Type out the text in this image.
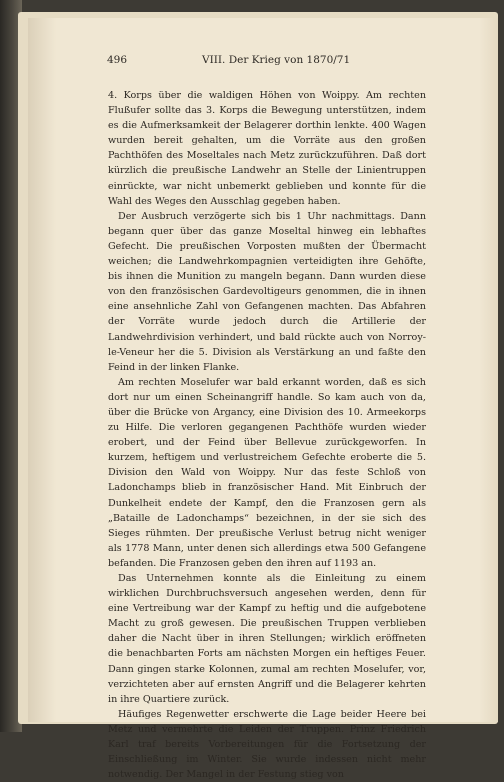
496	VIII. Der Krieg von 1870/71

4. Korps über die waldigen Höhen von Woippy. Am rechten Flußufer sollte das 3. Korps die Bewegung unterstützen, indem es die Aufmerksamkeit der Belagerer dorthin lenkte. 400 Wagen wurden bereit gehalten, um die Vorräte aus den großen Pachthöfen des Moseltales nach Metz zurückzuführen. Daß dort kürzlich die preußische Landwehr an Stelle der Linientruppen einrückte, war nicht unbemerkt geblieben und konnte für die Wahl des Weges den Ausschlag gegeben haben.

Der Ausbruch verzögerte sich bis 1 Uhr nachmittags. Dann begann quer über das ganze Moseltal hinweg ein lebhaftes Gefecht. Die preußischen Vorposten mußten der Übermacht weichen; die Landwehrkompagnien verteidigten ihre Gehöfte, bis ihnen die Munition zu mangeln begann. Dann wurden diese von den französischen Gardevoltigeurs genommen, die in ihnen eine ansehnliche Zahl von Gefangenen machten. Das Abfahren der Vorräte wurde jedoch durch die Artillerie der Landwehrdivision verhindert, und bald rückte auch von Norroy-le-Veneur her die 5. Division als Verstärkung an und faßte den Feind in der linken Flanke.

Am rechten Moselufer war bald erkannt worden, daß es sich dort nur um einen Scheinangriff handle. So kam auch von da, über die Brücke von Argancy, eine Division des 10. Armeekorps zu Hilfe. Die verloren gegangenen Pachthöfe wurden wieder erobert, und der Feind über Bellevue zurückgeworfen. In kurzem, heftigem und verlustreichem Gefechte eroberte die 5. Division den Wald von Woippy. Nur das feste Schloß von Ladonchamps blieb in französischer Hand. Mit Einbruch der Dunkelheit endete der Kampf, den die Franzosen gern als „Bataille de Ladonchamps“ bezeichnen, in der sie sich des Sieges rühmten. Der preußische Verlust betrug nicht weniger als 1778 Mann, unter denen sich allerdings etwa 500 Gefangene befanden. Die Franzosen geben den ihren auf 1193 an.

Das Unternehmen konnte als die Einleitung zu einem wirklichen Durchbruchsversuch angesehen werden, denn für eine Vertreibung war der Kampf zu heftig und die aufgebotene Macht zu groß gewesen. Die preußischen Truppen verblieben daher die Nacht über in ihren Stellungen; wirklich eröffneten die benachbarten Forts am nächsten Morgen ein heftiges Feuer. Dann gingen starke Kolonnen, zumal am rechten Moselufer, vor, verzichteten aber auf ernsten Angriff und die Belagerer kehrten in ihre Quartiere zurück.

Häufiges Regenwetter erschwerte die Lage beider Heere bei Metz und vermehrte die Leiden der Truppen. Prinz Friedrich Karl traf bereits Vorbereitungen für die Fortsetzung der Einschließung im Winter. Sie wurde indessen nicht mehr notwendig. Der Mangel in der Festung stieg von
